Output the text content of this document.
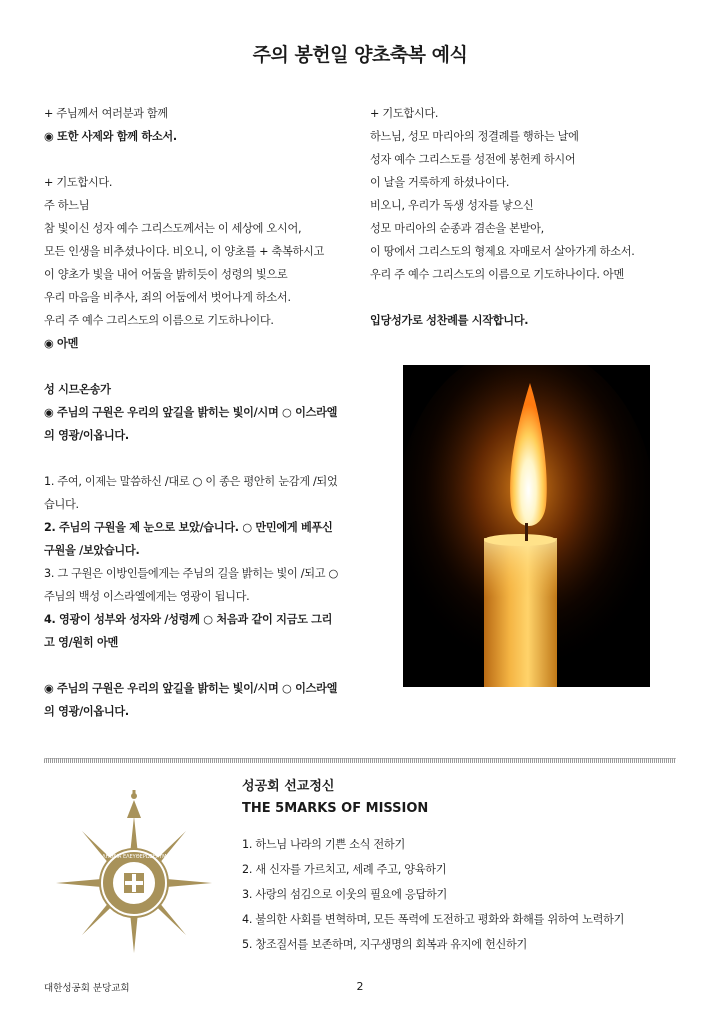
주의 봉헌일 양초축복 예식
+ 주님께서 여러분과 함께
◉ 또한 사제와 함께 하소서.
+ 기도합시다.
주 하느님
참 빛이신 성자 예수 그리스도께서는 이 세상에 오시어,
모든 인생을 비추셨나이다. 비오니, 이 양초를 + 축복하시고
이 양초가 빛을 내어 어둠을 밝히듯이 성령의 빛으로
우리 마음을 비추사, 죄의 어둠에서 벗어나게 하소서.
우리 주 예수 그리스도의 이름으로 기도하나이다.
◉ 아멘
성 시므온송가
◉ 주님의 구원은 우리의 앞길을 밝히는 빛이/시며 ○ 이스라엘
의 영광/이옵니다.
1. 주여, 이제는 말씀하신 /대로 ○ 이 종은 평안히 눈감게 /되었
습니다.
2. 주님의 구원을 제 눈으로 보았/습니다. ○ 만민에게 베푸신
구원을 /보았습니다.
3. 그 구원은 이방인들에게는 주님의 길을 밝히는 빛이 /되고 ○
주님의 백성 이스라엘에게는 영광이 됩니다.
4. 영광이 성부와 성자와 /성령께 ○ 처음과 같이 지금도 그리
고 영/원히 아멘
◉ 주님의 구원은 우리의 앞길을 밝히는 빛이/시며 ○ 이스라엘
의 영광/이옵니다.
+ 기도합시다.
하느님, 성모 마리아의 정결례를 행하는 날에
성자 예수 그리스도를 성전에 봉헌케 하시어
이 날을 거룩하게 하셨나이다.
비오니, 우리가 독생 성자를 낳으신
성모 마리아의 순종과 겸손을 본받아,
이 땅에서 그리스도의 형제요 자매로서 살아가게 하소서.
우리 주 예수 그리스도의 이름으로 기도하나이다. 아멘
입당성가로 성찬례를 시작합니다.
ΗΑΛΗΘΕΙΑ ΕΛΕΥΘΕΡΩΣΕΙ ΥΜΑΣ
성공회 선교정신
THE 5MARKS OF MISSION
1. 하느님 나라의 기쁜 소식 전하기
2. 새 신자를 가르치고, 세례 주고, 양육하기
3. 사랑의 섬김으로 이웃의 필요에 응답하기
4. 불의한 사회를 변혁하며, 모든 폭력에 도전하고 평화와 화해를 위하여 노력하기
5. 창조질서를 보존하며, 지구생명의 회복과 유지에 헌신하기
대한성공회 분당교회	2
